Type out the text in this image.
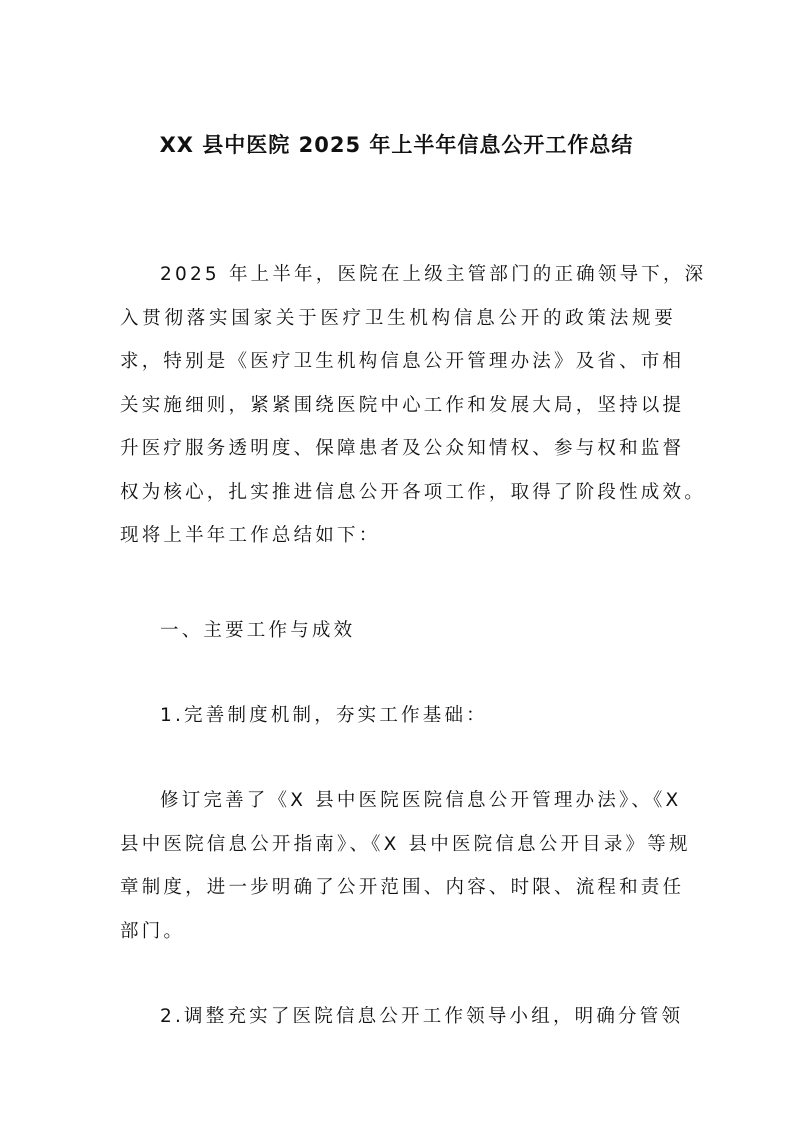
XX 县中医院 2025 年上半年信息公开工作总结
2025 年上半年，医院在上级主管部门的正确领导下，深
入贯彻落实国家关于医疗卫生机构信息公开的政策法规要
求，特别是《医疗卫生机构信息公开管理办法》及省、市相
关实施细则，紧紧围绕医院中心工作和发展大局，坚持以提
升医疗服务透明度、保障患者及公众知情权、参与权和监督
权为核心，扎实推进信息公开各项工作，取得了阶段性成效。
现将上半年工作总结如下：
一、主要工作与成效
1.完善制度机制，夯实工作基础：
修订完善了《X 县中医院医院信息公开管理办法》、《X
县中医院信息公开指南》、《X 县中医院信息公开目录》等规
章制度，进一步明确了公开范围、内容、时限、流程和责任
部门。
2.调整充实了医院信息公开工作领导小组，明确分管领
